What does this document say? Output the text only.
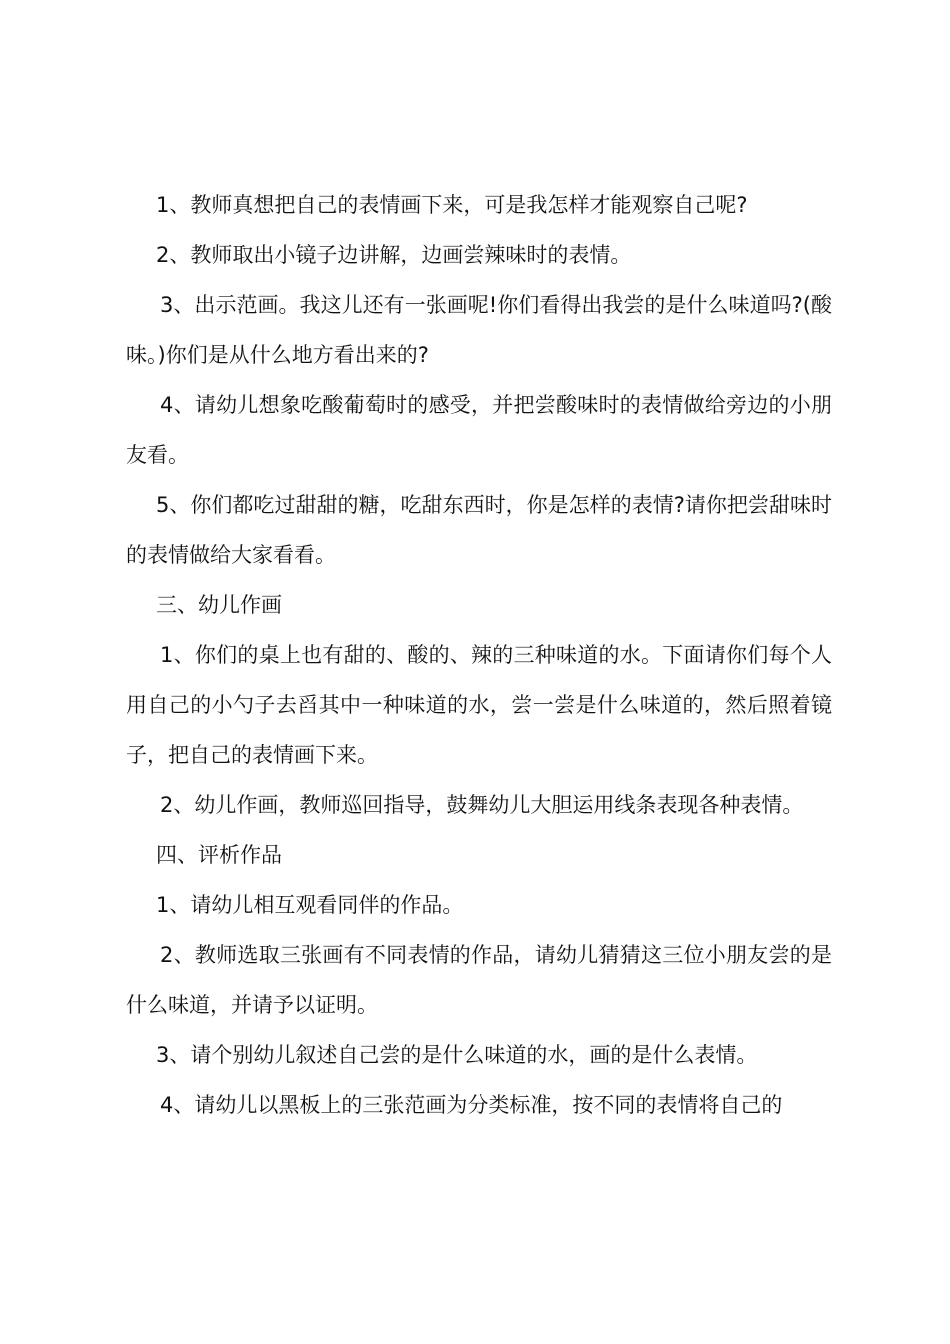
1、教师真想把自己的表情画下来，可是我怎样才能观察自己呢?

2、教师取出小镜子边讲解，边画尝辣味时的表情。

3、出示范画。我这儿还有一张画呢!你们看得出我尝的是什么味道吗?(酸味。)你们是从什么地方看出来的?

4、请幼儿想象吃酸葡萄时的感受，并把尝酸味时的表情做给旁边的小朋友看。

5、你们都吃过甜甜的糖，吃甜东西时，你是怎样的表情?请你把尝甜味时的表情做给大家看看。

三、幼儿作画

1、你们的桌上也有甜的、酸的、辣的三种味道的水。下面请你们每个人用自己的小勺子去舀其中一种味道的水，尝一尝是什么味道的，然后照着镜子，把自己的表情画下来。

2、幼儿作画，教师巡回指导，鼓舞幼儿大胆运用线条表现各种表情。

四、评析作品

1、请幼儿相互观看同伴的作品。

2、教师选取三张画有不同表情的作品，请幼儿猜猜这三位小朋友尝的是什么味道，并请予以证明。

3、请个别幼儿叙述自己尝的是什么味道的水，画的是什么表情。

4、请幼儿以黑板上的三张范画为分类标准，按不同的表情将自己的
